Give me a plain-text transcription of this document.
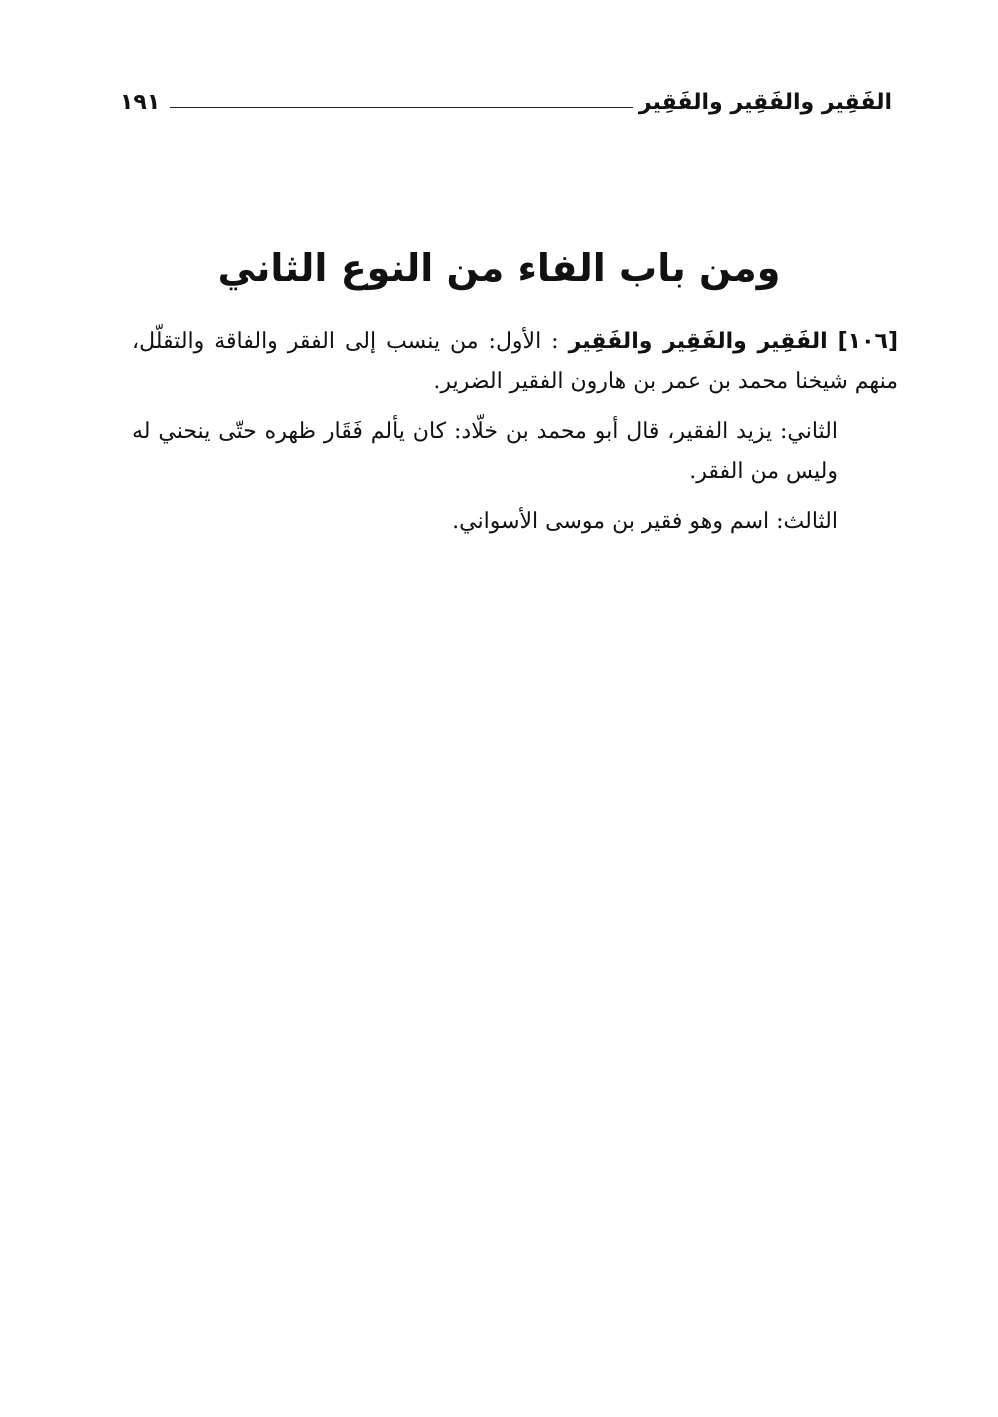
الفَقِير والفَقِير والفَقِير
١٩١
ومن باب الفاء من النوع الثاني

[١٠٦] الفَقِير والفَقِير والفَقِير : الأول: من ينسب إلى الفقر والفاقة والتقلّل، منهم شيخنا محمد بن عمر بن هارون الفقير الضرير.

الثاني: يزيد الفقير، قال أبو محمد بن خلّاد: كان يألم فَقَار ظهره حتّى ينحني له وليس من الفقر.

الثالث: اسم وهو فقير بن موسى الأسواني.
